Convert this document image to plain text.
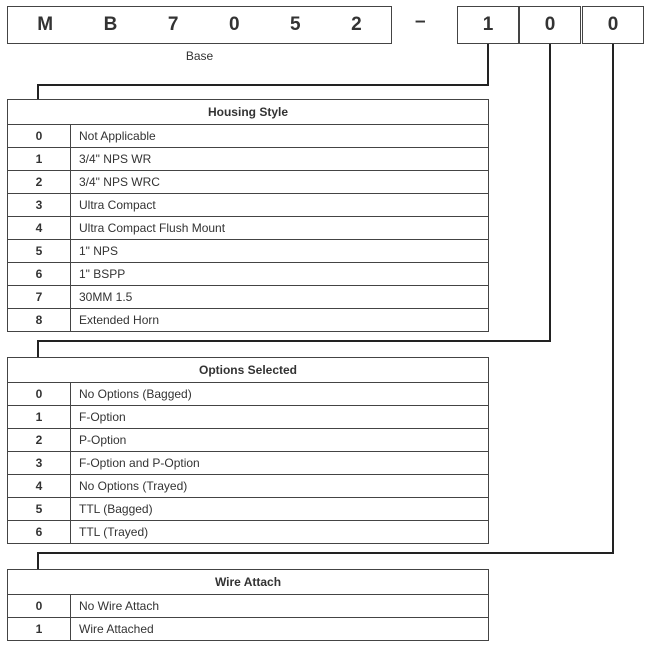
M	B	7	0	5	2
Base
–	1	0	0
Housing Style	
0	Not Applicable
1	3/4" NPS WR
2	3/4" NPS WRC
3	Ultra Compact
4	Ultra Compact Flush Mount
5	1" NPS
6	1" BSPP
7	30MM 1.5
8	Extended Horn
Options Selected	
0	No Options (Bagged)
1	F-Option
2	P-Option
3	F-Option and P-Option
4	No Options (Trayed)
5	TTL (Bagged)
6	TTL (Trayed)
Wire Attach	
0	No Wire Attach
1	Wire Attached
